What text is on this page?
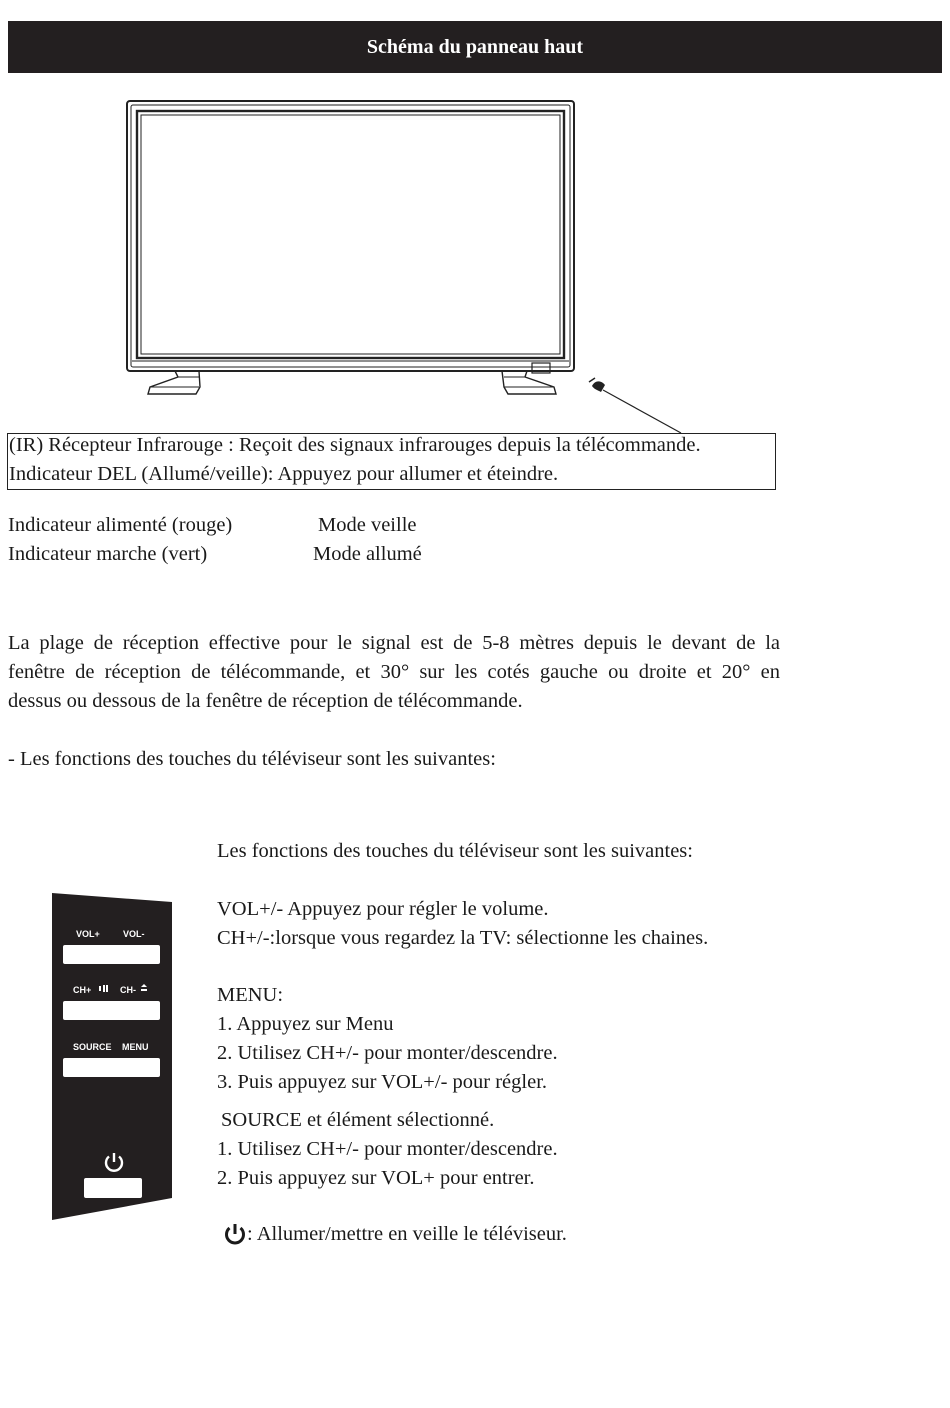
Schéma du panneau haut
(IR) Récepteur Infrarouge : Reçoit des signaux infrarouges depuis la télécommande.
Indicateur DEL (Allumé/veille): Appuyez pour allumer et éteindre.
Indicateur alimenté (rouge)	Mode veille
Indicateur marche (vert)	Mode allumé
La plage de réception effective pour le signal est de 5-8 mètres depuis le devant de la
fenêtre de réception de télécommande, et 30° sur les cotés gauche ou droite et 20° en
dessus ou dessous de la fenêtre de réception de télécommande.
- Les fonctions des touches du téléviseur sont les suivantes:
VOL+	VOL-
CH+	CH-
SOURCE MENU
Les fonctions des touches du téléviseur sont les suivantes:
VOL+/- Appuyez pour régler le volume.
CH+/-:lorsque vous regardez la TV: sélectionne les chaines.
MENU:
1. Appuyez sur Menu
2. Utilisez CH+/- pour monter/descendre.
3. Puis appuyez sur VOL+/- pour régler.
SOURCE et élément sélectionné.
1. Utilisez CH+/- pour monter/descendre.
2. Puis appuyez sur VOL+ pour entrer.
: Allumer/mettre en veille le téléviseur.
